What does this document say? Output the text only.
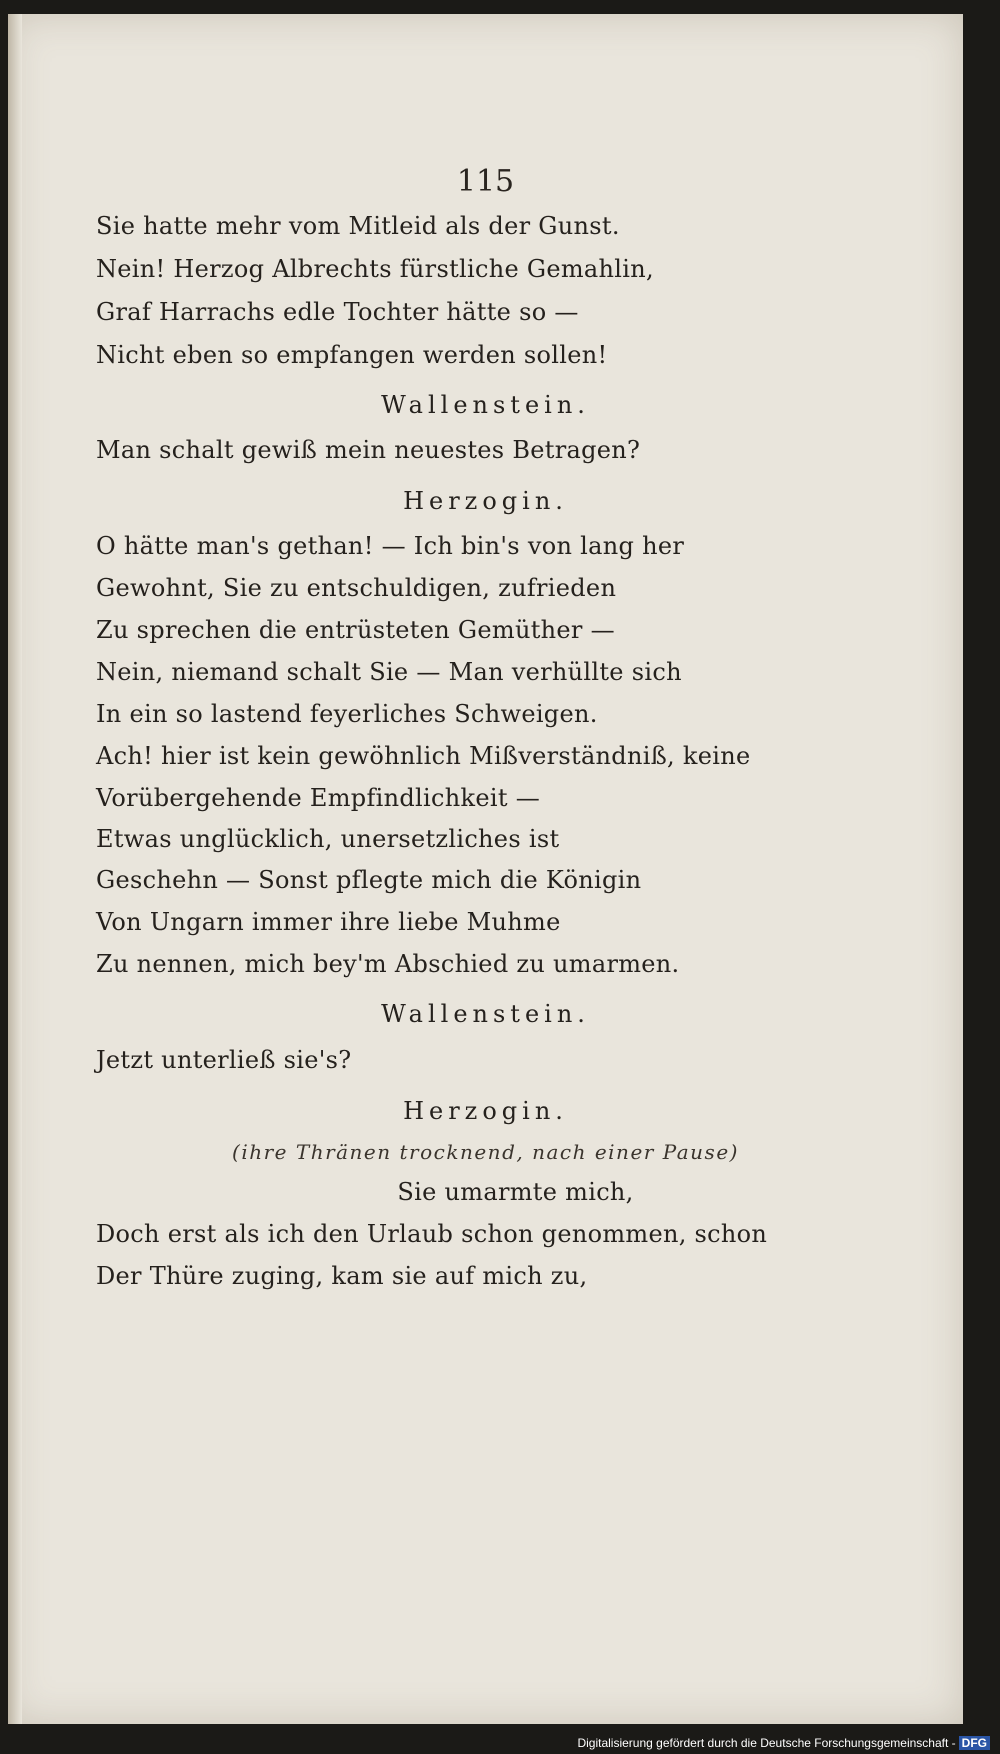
115
Sie hatte mehr vom Mitleid als der Gunst.
Nein! Herzog Albrechts fürstliche Gemahlin,
Graf Harrachs edle Tochter hätte so —
Nicht eben so empfangen werden sollen!
Wallenstein.
Man schalt gewiß mein neuestes Betragen?
Herzogin.
O hätte man's gethan! — Ich bin's von lang her
Gewohnt, Sie zu entschuldigen, zufrieden
Zu sprechen die entrüsteten Gemüther —
Nein, niemand schalt Sie — Man verhüllte sich
In ein so lastend feyerliches Schweigen.
Ach! hier ist kein gewöhnlich Mißverständniß, keine
Vorübergehende Empfindlichkeit —
Etwas unglücklich, unersetzliches ist
Geschehn — Sonst pflegte mich die Königin
Von Ungarn immer ihre liebe Muhme
Zu nennen, mich bey'm Abschied zu umarmen.
Wallenstein.
Jetzt unterließ sie's?
Herzogin.
(ihre Thränen trocknend, nach einer Pause)
Sie umarmte mich,
Doch erst als ich den Urlaub schon genommen, schon
Der Thüre zuging, kam sie auf mich zu,
Digitalisierung gefördert durch die Deutsche Forschungsgemeinschaft - DFG
